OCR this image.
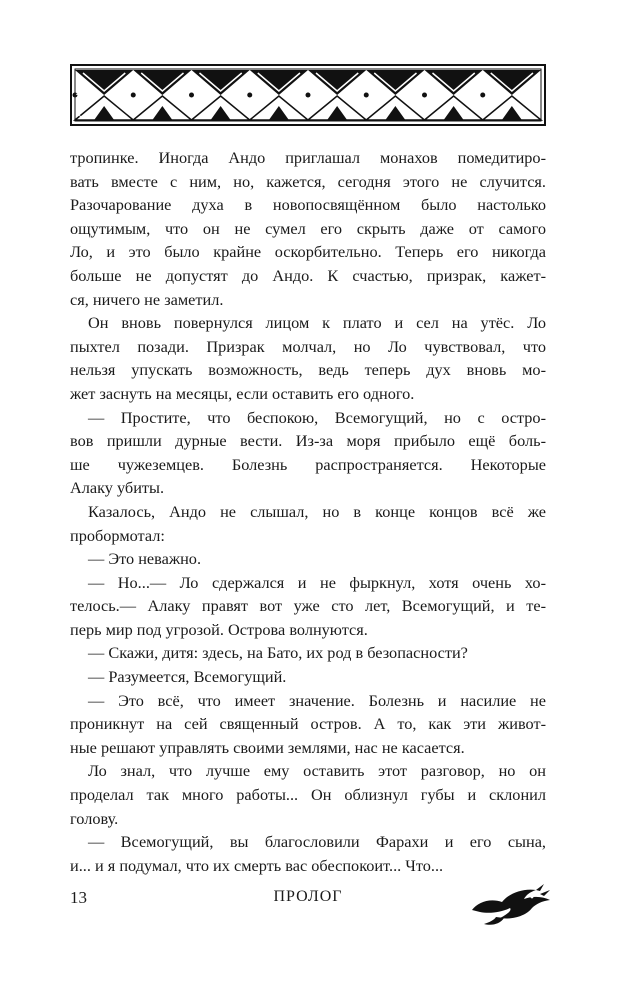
тропинке. Иногда Андо приглашал монахов помедитиро-

вать вместе с ним, но, кажется, сегодня этого не случится.

Разочарование духа в новопосвящённом было настолько

ощутимым, что он не сумел его скрыть даже от самого

Ло, и это было крайне оскорбительно. Теперь его никогда

больше не допустят до Андо. К счастью, призрак, кажет-

ся, ничего не заметил.

Он вновь повернулся лицом к плато и сел на утёс. Ло

пыхтел позади. Призрак молчал, но Ло чувствовал, что

нельзя упускать возможность, ведь теперь дух вновь мо-

жет заснуть на месяцы, если оставить его одного.

— Простите, что беспокою, Всемогущий, но с остро-

вов пришли дурные вести. Из-за моря прибыло ещё боль-

ше чужеземцев. Болезнь распространяется. Некоторые

Алаку убиты.

Казалось, Андо не слышал, но в конце концов всё же

пробормотал:

— Это неважно.

— Но...— Ло сдержался и не фыркнул, хотя очень хо-

телось.— Алаку правят вот уже сто лет, Всемогущий, и те-

перь мир под угрозой. Острова волнуются.

— Скажи, дитя: здесь, на Бато, их род в безопасности?

— Разумеется, Всемогущий.

— Это всё, что имеет значение. Болезнь и насилие не

проникнут на сей священный остров. А то, как эти живот-

ные решают управлять своими землями, нас не касается.

Ло знал, что лучше ему оставить этот разговор, но он

проделал так много работы... Он облизнул губы и склонил

голову.

— Всемогущий, вы благословили Фарахи и его сына,

и... и я подумал, что их смерть вас обеспокоит... Что...

13	ПРОЛОГ
